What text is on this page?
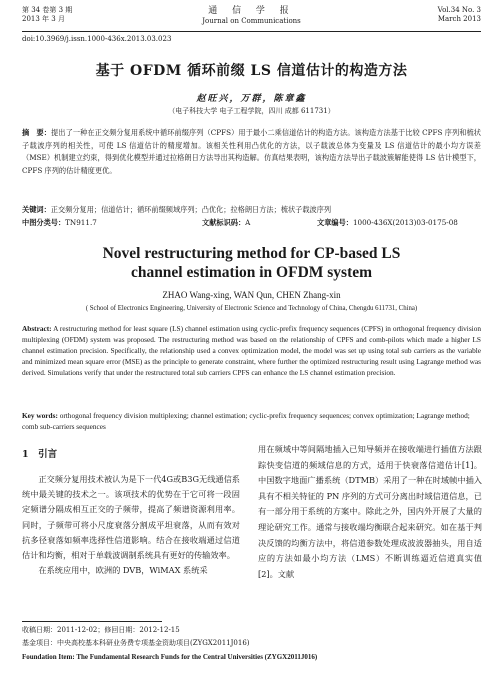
第 34 卷第 3 期
2013 年 3 月
通 信 学 报
Journal on Communications
Vol.34 No. 3
March 2013
doi:10.3969/j.issn.1000-436x.2013.03.023
基于 OFDM 循环前缀 LS 信道估计的构造方法
赵旺兴，万群，陈章鑫
（电子科技大学 电子工程学院，四川 成都 611731）
摘　要：提出了一种在正交频分复用系统中循环前缀序列（CPFS）用于最小二乘信道估计的构造方法。该构造方法基于比较 CPFS 序列和梳状子载波序列的相关性，可使 LS 信道估计的精度增加。该相关性利用凸优化的方法，以子载波总体为变量及 LS 信道估计的最小均方误差（MSE）机制建立约束，得到优化模型并通过拉格朗日方法导出其构造解。仿真结果表明，该构造方法导出子载波簇解能使得 LS 估计模型下，CPFS 序列的估计精度更优。
关键词：正交频分复用；信道估计；循环前缀频域序列；凸优化；拉格朗日方法；梳状子载波序列
中图分类号：TN911.7	文献标识码：A	文章编号：1000-436X(2013)03-0175-08
Novel restructuring method for CP-based LS
channel estimation in OFDM system
ZHAO Wang-xing, WAN Qun, CHEN Zhang-xin
( School of Electronics Engineering, University of Electronic Science and Technology of China, Chengdu 611731, China)
Abstract: A restructuring method for least square (LS) channel estimation using cyclic-prefix frequency sequences (CPFS) in orthogonal frequency division multiplexing (OFDM) system was proposed. The restructuring method was based on the relationship of CPFS and comb-pilots which made a higher LS channel estimation precision. Specifically, the relationship used a convex optimization model, the model was set up using total sub carriers as the variable and minimized mean square error (MSE) as the principle to generate constraint, where further the optimized restructuring result using Lagrange method was derived. Simulations verify that under the restructured total sub carriers CPFS can enhance the LS channel estimation precision.
Key words: orthogonal frequency division multiplexing; channel estimation; cyclic-prefix frequency sequences; convex optimization; Lagrange method; comb sub-carriers sequences
1　引言
正交频分复用技术被认为是下一代4G或B3G无线通信系统中最关键的技术之一。该项技术的优势在于它可将一段固定频谱分隔成相互正交的子频带，提高了频谱资源利用率。同时，子频带可将小尺度衰落分割成平坦衰落，从而有效对抗多径衰落如频率选择性信道影响。结合在接收端通过信道估计和均衡，相对于单载波调制系统具有更好的传输效率。
在系统应用中，欧洲的 DVB，WiMAX 系统采
用在频域中等间隔地插入已知导频并在接收端进行插值方法跟踪快变信道的频域信息的方式，适用于快衰落信道估计[1]。中国数字地面广播系统（DTMB）采用了一种在时域帧中插入具有不相关特征的 PN 序列的方式可分离出时域信道信息，已有一部分用于系统的方案中。除此之外，国内外开展了大量的理论研究工作。通常与接收端均衡联合起来研究。如在基于判决反馈的均衡方法中，将信道参数处理成波波器抽头，用自适应的方法如最小均方法（LMS）不断训练逼近信道真实值[2]。文献
收稿日期：2011-12-02；修回日期：2012-12-15
基金项目：中央高校基本科研业务费专项基金资助项目(ZYGX2011J016)
Foundation Item: The Fundamental Research Funds for the Central Universities (ZYGX2011J016)
